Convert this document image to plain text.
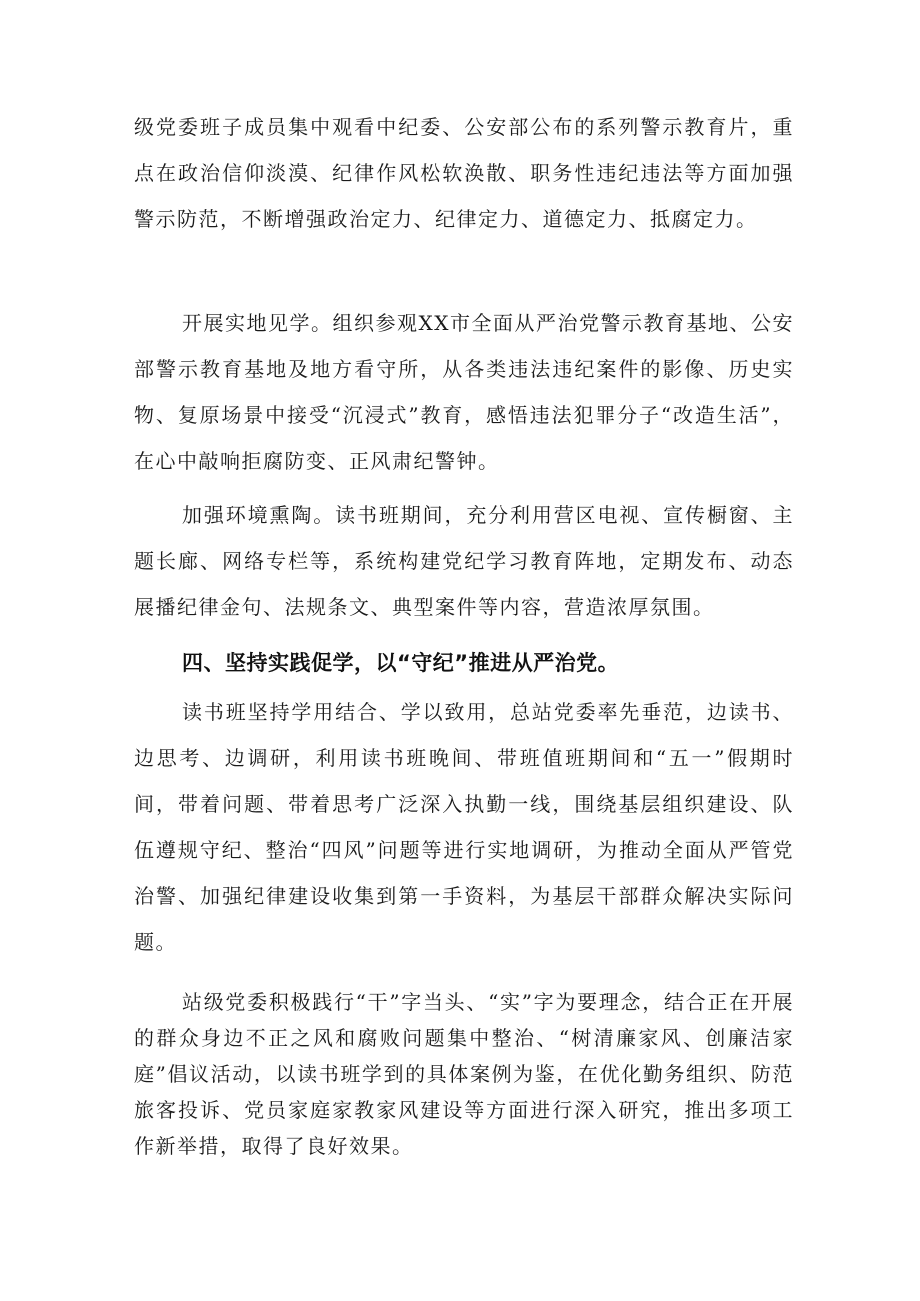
级党委班子成员集中观看中纪委、公安部公布的系列警示教育片，重点在政治信仰淡漠、纪律作风松软涣散、职务性违纪违法等方面加强警示防范，不断增强政治定力、纪律定力、道德定力、抵腐定力。

开展实地见学。组织参观XX市全面从严治党警示教育基地、公安部警示教育基地及地方看守所，从各类违法违纪案件的影像、历史实物、复原场景中接受“沉浸式”教育，感悟违法犯罪分子“改造生活”，在心中敲响拒腐防变、正风肃纪警钟。

加强环境熏陶。读书班期间，充分利用营区电视、宣传橱窗、主题长廊、网络专栏等，系统构建党纪学习教育阵地，定期发布、动态展播纪律金句、法规条文、典型案件等内容，营造浓厚氛围。

四、坚持实践促学，以“守纪”推进从严治党。

读书班坚持学用结合、学以致用，总站党委率先垂范，边读书、边思考、边调研，利用读书班晚间、带班值班期间和“五一”假期时间，带着问题、带着思考广泛深入执勤一线，围绕基层组织建设、队伍遵规守纪、整治“四风”问题等进行实地调研，为推动全面从严管党治警、加强纪律建设收集到第一手资料，为基层干部群众解决实际问题。

站级党委积极践行“干”字当头、“实”字为要理念，结合正在开展的群众身边不正之风和腐败问题集中整治、“树清廉家风、创廉洁家庭”倡议活动，以读书班学到的具体案例为鉴，在优化勤务组织、防范旅客投诉、党员家庭家教家风建设等方面进行深入研究，推出多项工作新举措，取得了良好效果。
